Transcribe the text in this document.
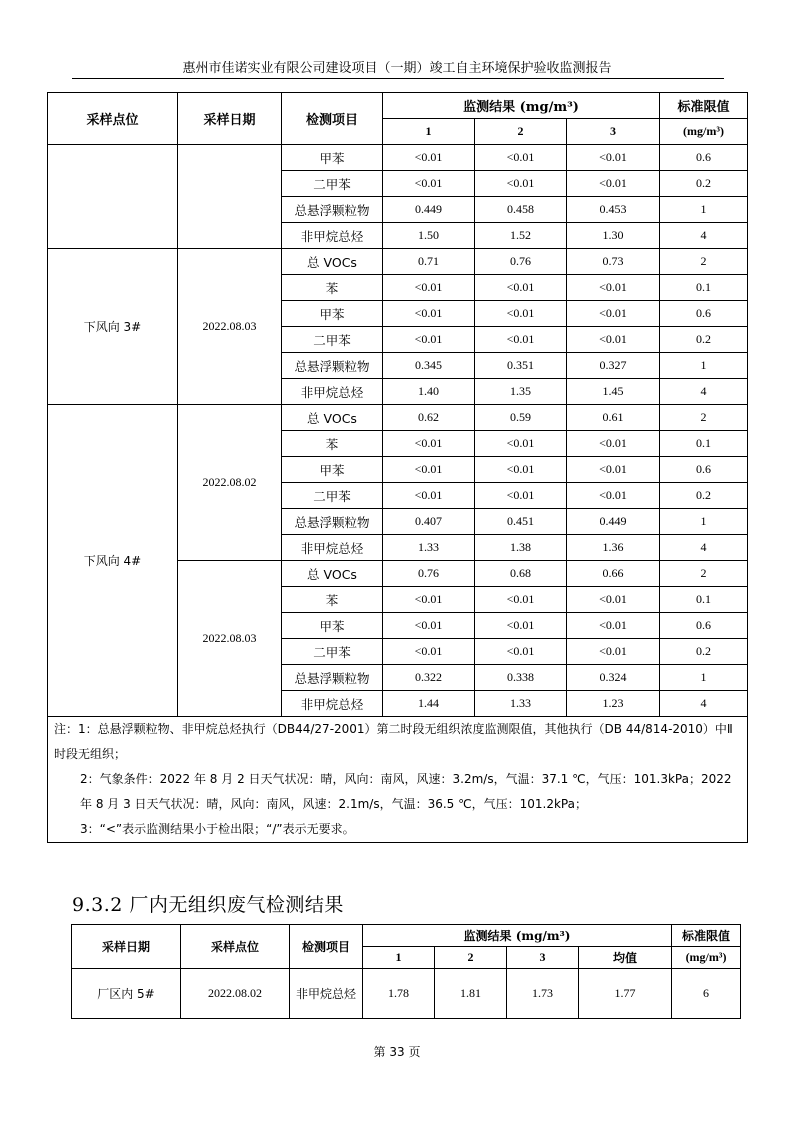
惠州市佳诺实业有限公司建设项目（一期）竣工自主环境保护验收监测报告
采样点位	采样日期	检测项目	监测结果 (mg/m³)			标准限值
			1	2	3	(mg/m³)
		甲苯	<0.01	<0.01	<0.01	0.6
		二甲苯	<0.01	<0.01	<0.01	0.2
		总悬浮颗粒物	0.449	0.458	0.453	1
		非甲烷总烃	1.50	1.52	1.30	4
下风向 3#	2022.08.03	总 VOCs	0.71	0.76	0.73	2
		苯	<0.01	<0.01	<0.01	0.1
		甲苯	<0.01	<0.01	<0.01	0.6
		二甲苯	<0.01	<0.01	<0.01	0.2
		总悬浮颗粒物	0.345	0.351	0.327	1
		非甲烷总烃	1.40	1.35	1.45	4
下风向 4#	2022.08.02	总 VOCs	0.62	0.59	0.61	2
		苯	<0.01	<0.01	<0.01	0.1
		甲苯	<0.01	<0.01	<0.01	0.6
		二甲苯	<0.01	<0.01	<0.01	0.2
		总悬浮颗粒物	0.407	0.451	0.449	1
		非甲烷总烃	1.33	1.38	1.36	4
	2022.08.03	总 VOCs	0.76	0.68	0.66	2
		苯	<0.01	<0.01	<0.01	0.1
		甲苯	<0.01	<0.01	<0.01	0.6
		二甲苯	<0.01	<0.01	<0.01	0.2
		总悬浮颗粒物	0.322	0.338	0.324	1
		非甲烷总烃	1.44	1.33	1.23	4

注：1：总悬浮颗粒物、非甲烷总烃执行（DB44/27-2001）第二时段无组织浓度监测限值，其他执行（DB 44/814-2010）中Ⅱ时段无组织；

2：气象条件：2022 年 8 月 2 日天气状况：晴，风向：南风，风速：3.2m/s，气温：37.1 ℃，气压：101.3kPa；2022 年 8 月 3 日天气状况：晴，风向：南风，风速：2.1m/s，气温：36.5 ℃，气压：101.2kPa；

3：“<”表示监测结果小于检出限；“/”表示无要求。						

9.3.2 厂内无组织废气检测结果
采样日期	采样点位	检测项目	监测结果 (mg/m³)				标准限值
			1	2	3	均值	(mg/m³)
厂区内 5#	2022.08.02	非甲烷总烃	1.78	1.81	1.73	1.77	6
第 33 页
